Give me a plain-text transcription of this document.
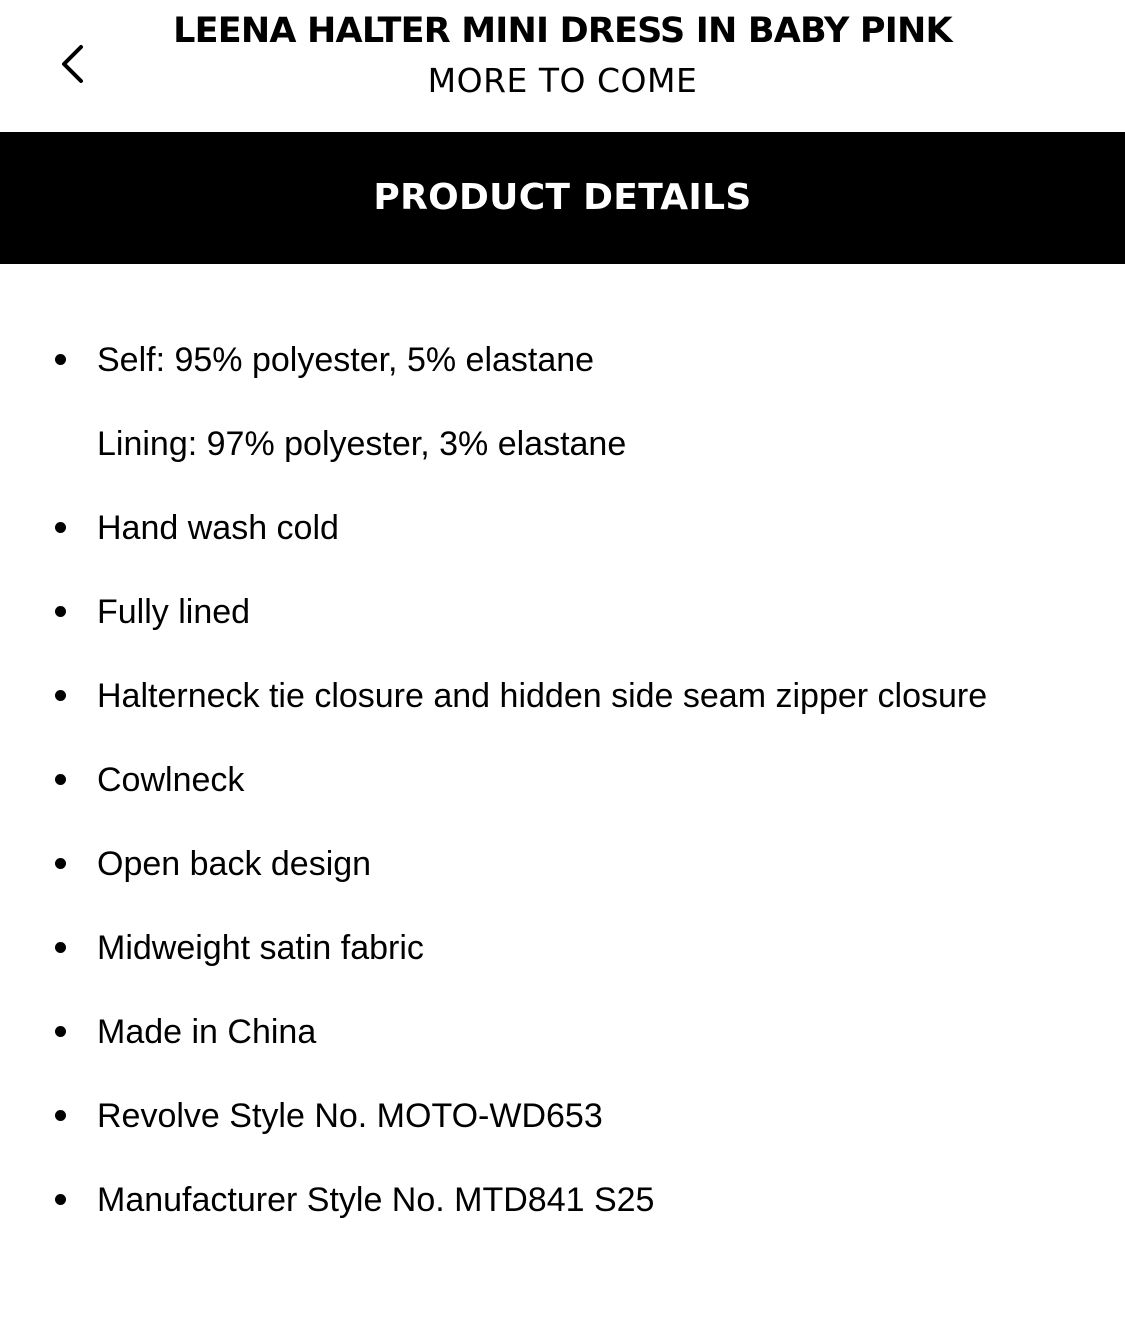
LEENA HALTER MINI DRESS IN BABY PINK
MORE TO COME
PRODUCT DETAILS
Self: 95% polyester, 5% elastane
Lining: 97% polyester, 3% elastane
Hand wash cold
Fully lined
Halterneck tie closure and hidden side seam zipper closure
Cowlneck
Open back design
Midweight satin fabric
Made in China
Revolve Style No. MOTO-WD653
Manufacturer Style No. MTD841 S25
